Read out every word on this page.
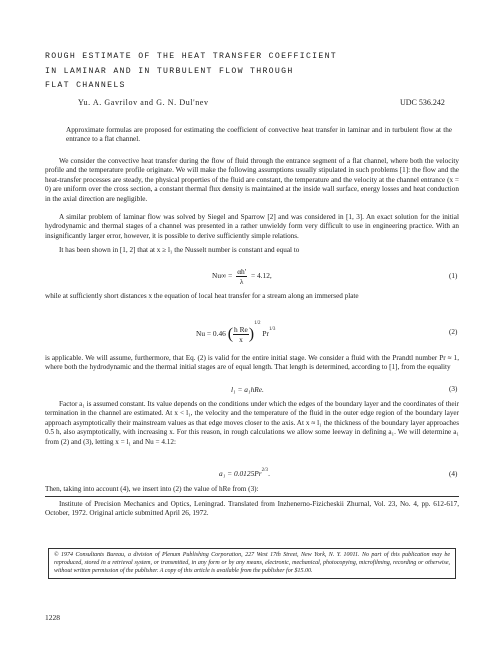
ROUGH ESTIMATE OF THE HEAT TRANSFER COEFFICIENT
IN LAMINAR AND IN TURBULENT FLOW THROUGH
FLAT CHANNELS
Yu. A. Gavrilov and G. N. Dul'nev	UDC 536.242
Approximate formulas are proposed for estimating the coefficient of convective heat transfer in laminar and in turbulent flow at the entrance to a flat channel.
We consider the convective heat transfer during the flow of fluid through the entrance segment of a flat channel, where both the velocity profile and the temperature profile originate. We will make the following assumptions usually stipulated in such problems [1]: the flow and the heat-transfer processes are steady, the physical properties of the fluid are constant, the temperature and the velocity at the channel entrance (x = 0) are uniform over the cross section, a constant thermal flux density is maintained at the inside wall surface, energy losses and heat conduction in the axial direction are negligible.
A similar problem of laminar flow was solved by Siegel and Sparrow [2] and was considered in [1, 3]. An exact solution for the initial hydrodynamic and thermal stages of a channel was presented in a rather unwieldy form very difficult to use in engineering practice. With an insignificantly larger error, however, it is possible to derive sufficiently simple relations.
It has been shown in [1, 2] that at x ≥ l₁ the Nusselt number is constant and equal to
$Nu\infty = \frac{\alpha h'}{\lambda} = 4.12$,	(1)
while at sufficiently short distances x the equation of local heat transfer for a stream along an immersed plate
Nu = 0.46 ( $\frac{\text{h Re}}{x} )^{1/2}$ $Pr^{1/3}$	(2)
is applicable. We will assume, furthermore, that Eq. (2) is valid for the entire initial stage. We consider a fluid with the Prandtl number Pr ≈ 1, where both the hydrodynamic and the thermal initial stages are of equal length. That length is determined, according to [1], from the equality
l₁ = a₁hRe.	(3)
Factor a₁ is assumed constant. Its value depends on the conditions under which the edges of the boundary layer and the coordinates of their termination in the channel are estimated. At x < l₁, the velocity and the temperature of the fluid in the outer edge region of the boundary layer approach asymptotically their mainstream values as that edge moves closer to the axis. At x ≈ l₁ the thickness of the boundary layer approaches 0.5 h, also asymptotically, with increasing x. For this reason, in rough calculations we allow some leeway in defining a₁. We will determine a₁ from (2) and (3), letting x = l₁ and Nu = 4.12:
$a_1 = 0.0125Pr^{2/3}$.	(4)
Then, taking into account (4), we insert into (2) the value of hRe from (3):
Institute of Precision Mechanics and Optics, Leningrad. Translated from Inzhenerno-Fizicheskii Zhurnal, Vol. 23, No. 4, pp. 612-617, October, 1972. Original article submitted April 26, 1972.
© 1974 Consultants Bureau, a division of Plenum Publishing Corporation, 227 West 17th Street, New York, N. Y. 10011. No part of this publication may be reproduced, stored in a retrieval system, or transmitted, in any form or by any means, electronic, mechanical, photocopying, microfilming, recording or otherwise, without written permission of the publisher. A copy of this article is available from the publisher for $15.00.
1228
